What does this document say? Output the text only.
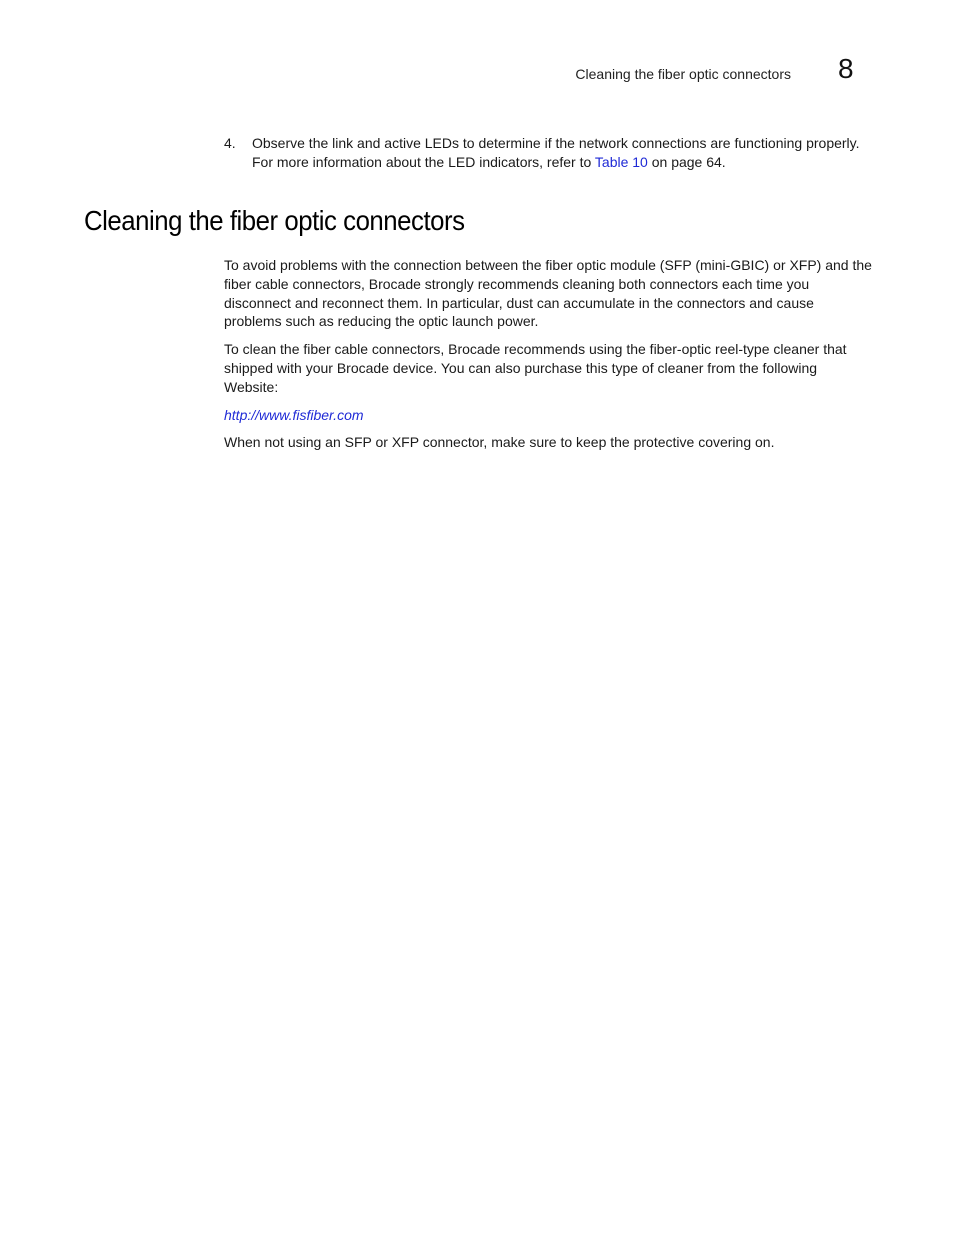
Cleaning the fiber optic connectors 8
4. Observe the link and active LEDs to determine if the network connections are functioning properly. For more information about the LED indicators, refer to Table 10 on page 64.
Cleaning the fiber optic connectors

To avoid problems with the connection between the fiber optic module (SFP (mini-GBIC) or XFP) and the fiber cable connectors, Brocade strongly recommends cleaning both connectors each time you disconnect and reconnect them. In particular, dust can accumulate in the connectors and cause problems such as reducing the optic launch power.

To clean the fiber cable connectors, Brocade recommends using the fiber-optic reel-type cleaner that shipped with your Brocade device. You can also purchase this type of cleaner from the following Website:

http://www.fisfiber.com

When not using an SFP or XFP connector, make sure to keep the protective covering on.
